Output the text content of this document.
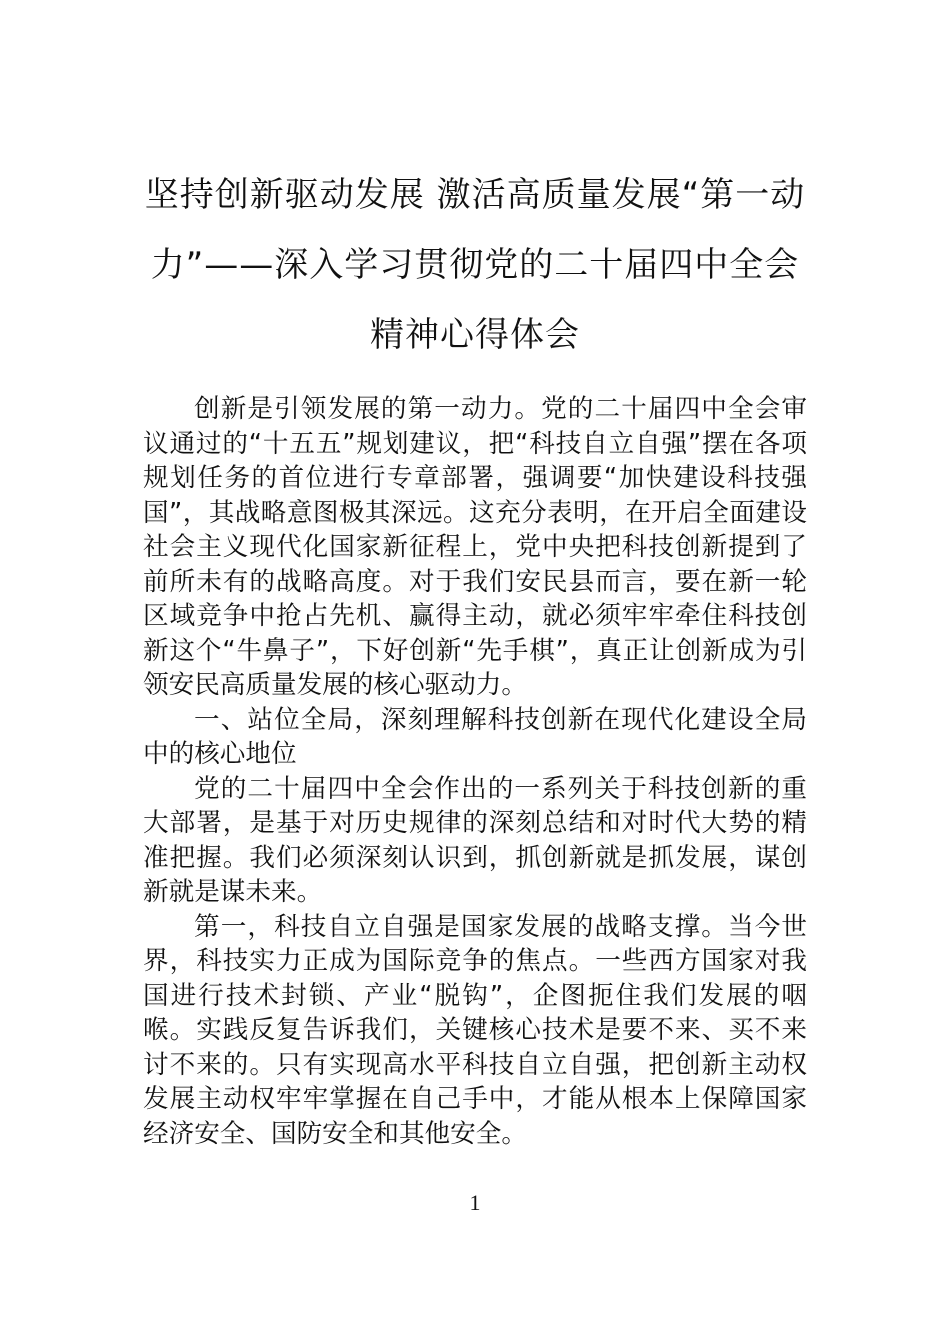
坚持创新驱动发展 激活高质量发展“第一动力”——深入学习贯彻党的二十届四中全会精神心得体会

创新是引领发展的第一动力。党的二十届四中全会审议通过的“十五五”规划建议，把“科技自立自强”摆在各项规划任务的首位进行专章部署，强调要“加快建设科技强国”，其战略意图极其深远。这充分表明，在开启全面建设社会主义现代化国家新征程上，党中央把科技创新提到了前所未有的战略高度。对于我们安民县而言，要在新一轮区域竞争中抢占先机、赢得主动，就必须牢牢牵住科技创新这个“牛鼻子”，下好创新“先手棋”，真正让创新成为引领安民高质量发展的核心驱动力。

一、站位全局，深刻理解科技创新在现代化建设全局中的核心地位

党的二十届四中全会作出的一系列关于科技创新的重大部署，是基于对历史规律的深刻总结和对时代大势的精准把握。我们必须深刻认识到，抓创新就是抓发展，谋创新就是谋未来。

第一，科技自立自强是国家发展的战略支撑。当今世界，科技实力正成为国际竞争的焦点。一些西方国家对我国进行技术封锁、产业“脱钩”，企图扼住我们发展的咽喉。实践反复告诉我们，关键核心技术是要不来、买不来讨不来的。只有实现高水平科技自立自强，把创新主动权发展主动权牢牢掌握在自己手中，才能从根本上保障国家经济安全、国防安全和其他安全。

1
